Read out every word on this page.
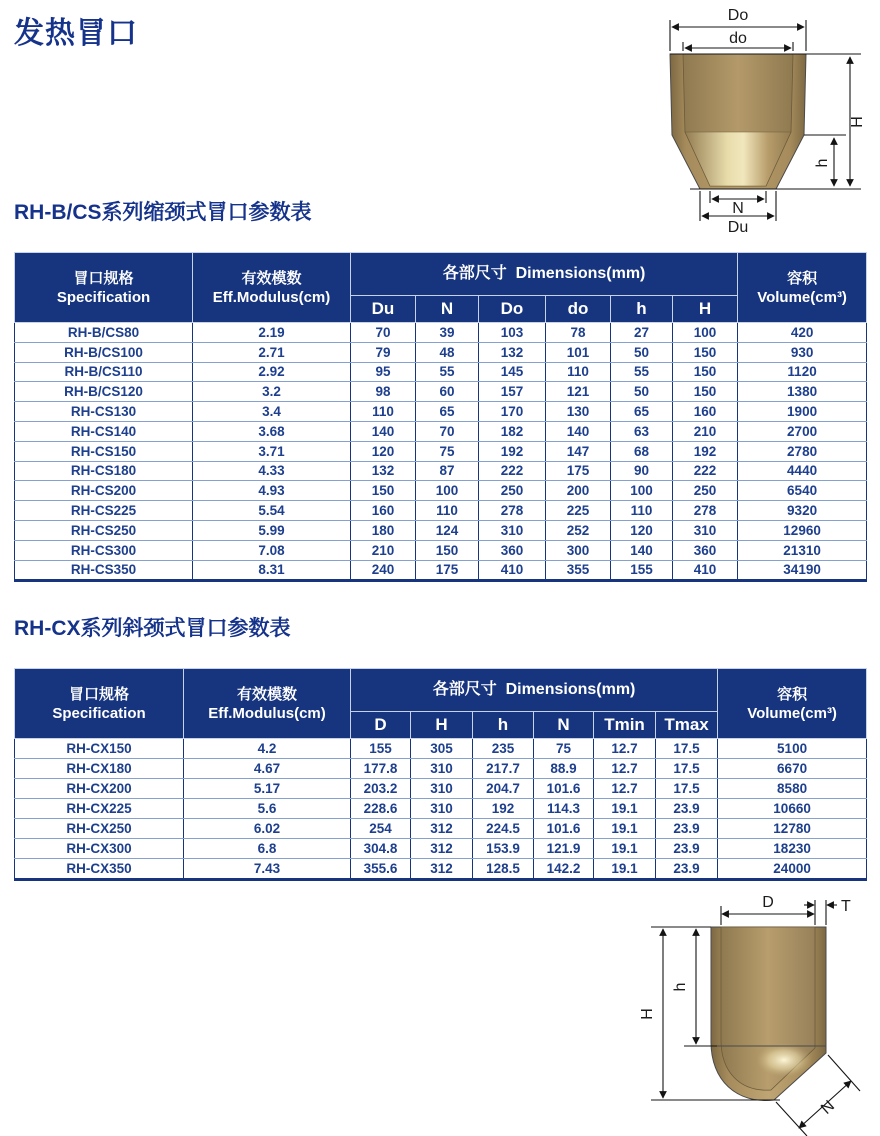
发热冒口
Do
do
H
h
N
Du
RH-B/CS系列缩颈式冒口参数表
冒口规格
Specification

有效模数
Eff.Modulus(cm)

各部尺寸  Dimensions(mm)	容积
Volume(cm³)

		Du	N	Do	do	h	H	
RH-B/CS80	2.19	70	39	103	78	27	100	420
RH-B/CS100	2.71	79	48	132	101	50	150	930
RH-B/CS110	2.92	95	55	145	110	55	150	1120
RH-B/CS120	3.2	98	60	157	121	50	150	1380
RH-CS130	3.4	110	65	170	130	65	160	1900
RH-CS140	3.68	140	70	182	140	63	210	2700
RH-CS150	3.71	120	75	192	147	68	192	2780
RH-CS180	4.33	132	87	222	175	90	222	4440
RH-CS200	4.93	150	100	250	200	100	250	6540
RH-CS225	5.54	160	110	278	225	110	278	9320
RH-CS250	5.99	180	124	310	252	120	310	12960
RH-CS300	7.08	210	150	360	300	140	360	21310
RH-CS350	8.31	240	175	410	355	155	410	34190
RH-CX系列斜颈式冒口参数表
冒口规格
Specification

有效模数
Eff.Modulus(cm)

各部尺寸  Dimensions(mm)	容积
Volume(cm³)

		D	H	h	N	Tmin	Tmax	
RH-CX150	4.2	155	305	235	75	12.7	17.5	5100
RH-CX180	4.67	177.8	310	217.7	88.9	12.7	17.5	6670
RH-CX200	5.17	203.2	310	204.7	101.6	12.7	17.5	8580
RH-CX225	5.6	228.6	310	192	114.3	19.1	23.9	10660
RH-CX250	6.02	254	312	224.5	101.6	19.1	23.9	12780
RH-CX300	6.8	304.8	312	153.9	121.9	19.1	23.9	18230
RH-CX350	7.43	355.6	312	128.5	142.2	19.1	23.9	24000
D	T
H
h
N
